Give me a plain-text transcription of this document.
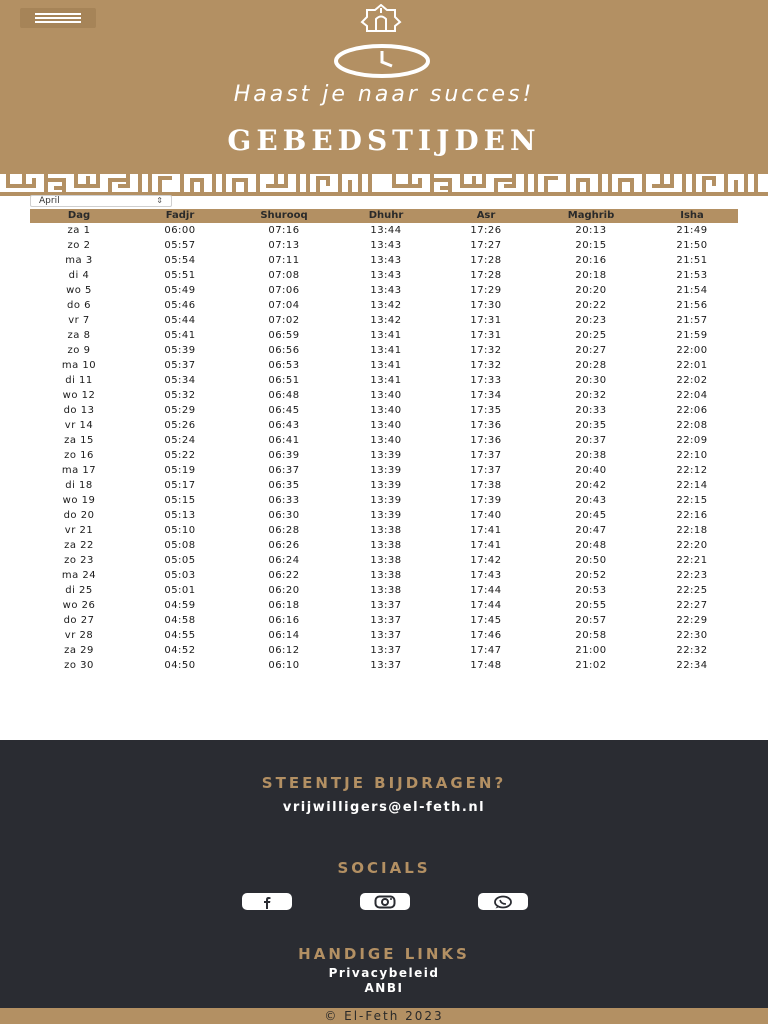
Haast je naar succes!
GEBEDSTIJDEN
April	⇕
Dag	Fadjr	Shurooq	Dhuhr	Asr	Maghrib	Isha
za 1	06:00	07:16	13:44	17:26	20:13	21:49
zo 2	05:57	07:13	13:43	17:27	20:15	21:50
ma 3	05:54	07:11	13:43	17:28	20:16	21:51
di 4	05:51	07:08	13:43	17:28	20:18	21:53
wo 5	05:49	07:06	13:43	17:29	20:20	21:54
do 6	05:46	07:04	13:42	17:30	20:22	21:56
vr 7	05:44	07:02	13:42	17:31	20:23	21:57
za 8	05:41	06:59	13:41	17:31	20:25	21:59
zo 9	05:39	06:56	13:41	17:32	20:27	22:00
ma 10	05:37	06:53	13:41	17:32	20:28	22:01
di 11	05:34	06:51	13:41	17:33	20:30	22:02
wo 12	05:32	06:48	13:40	17:34	20:32	22:04
do 13	05:29	06:45	13:40	17:35	20:33	22:06
vr 14	05:26	06:43	13:40	17:36	20:35	22:08
za 15	05:24	06:41	13:40	17:36	20:37	22:09
zo 16	05:22	06:39	13:39	17:37	20:38	22:10
ma 17	05:19	06:37	13:39	17:37	20:40	22:12
di 18	05:17	06:35	13:39	17:38	20:42	22:14
wo 19	05:15	06:33	13:39	17:39	20:43	22:15
do 20	05:13	06:30	13:39	17:40	20:45	22:16
vr 21	05:10	06:28	13:38	17:41	20:47	22:18
za 22	05:08	06:26	13:38	17:41	20:48	22:20
zo 23	05:05	06:24	13:38	17:42	20:50	22:21
ma 24	05:03	06:22	13:38	17:43	20:52	22:23
di 25	05:01	06:20	13:38	17:44	20:53	22:25
wo 26	04:59	06:18	13:37	17:44	20:55	22:27
do 27	04:58	06:16	13:37	17:45	20:57	22:29
vr 28	04:55	06:14	13:37	17:46	20:58	22:30
za 29	04:52	06:12	13:37	17:47	21:00	22:32
zo 30	04:50	06:10	13:37	17:48	21:02	22:34
STEENTJE BIJDRAGEN?
vrijwilligers@el-feth.nl
SOCIALS
HANDIGE LINKS
Privacybeleid
ANBI
© El-Feth 2023
